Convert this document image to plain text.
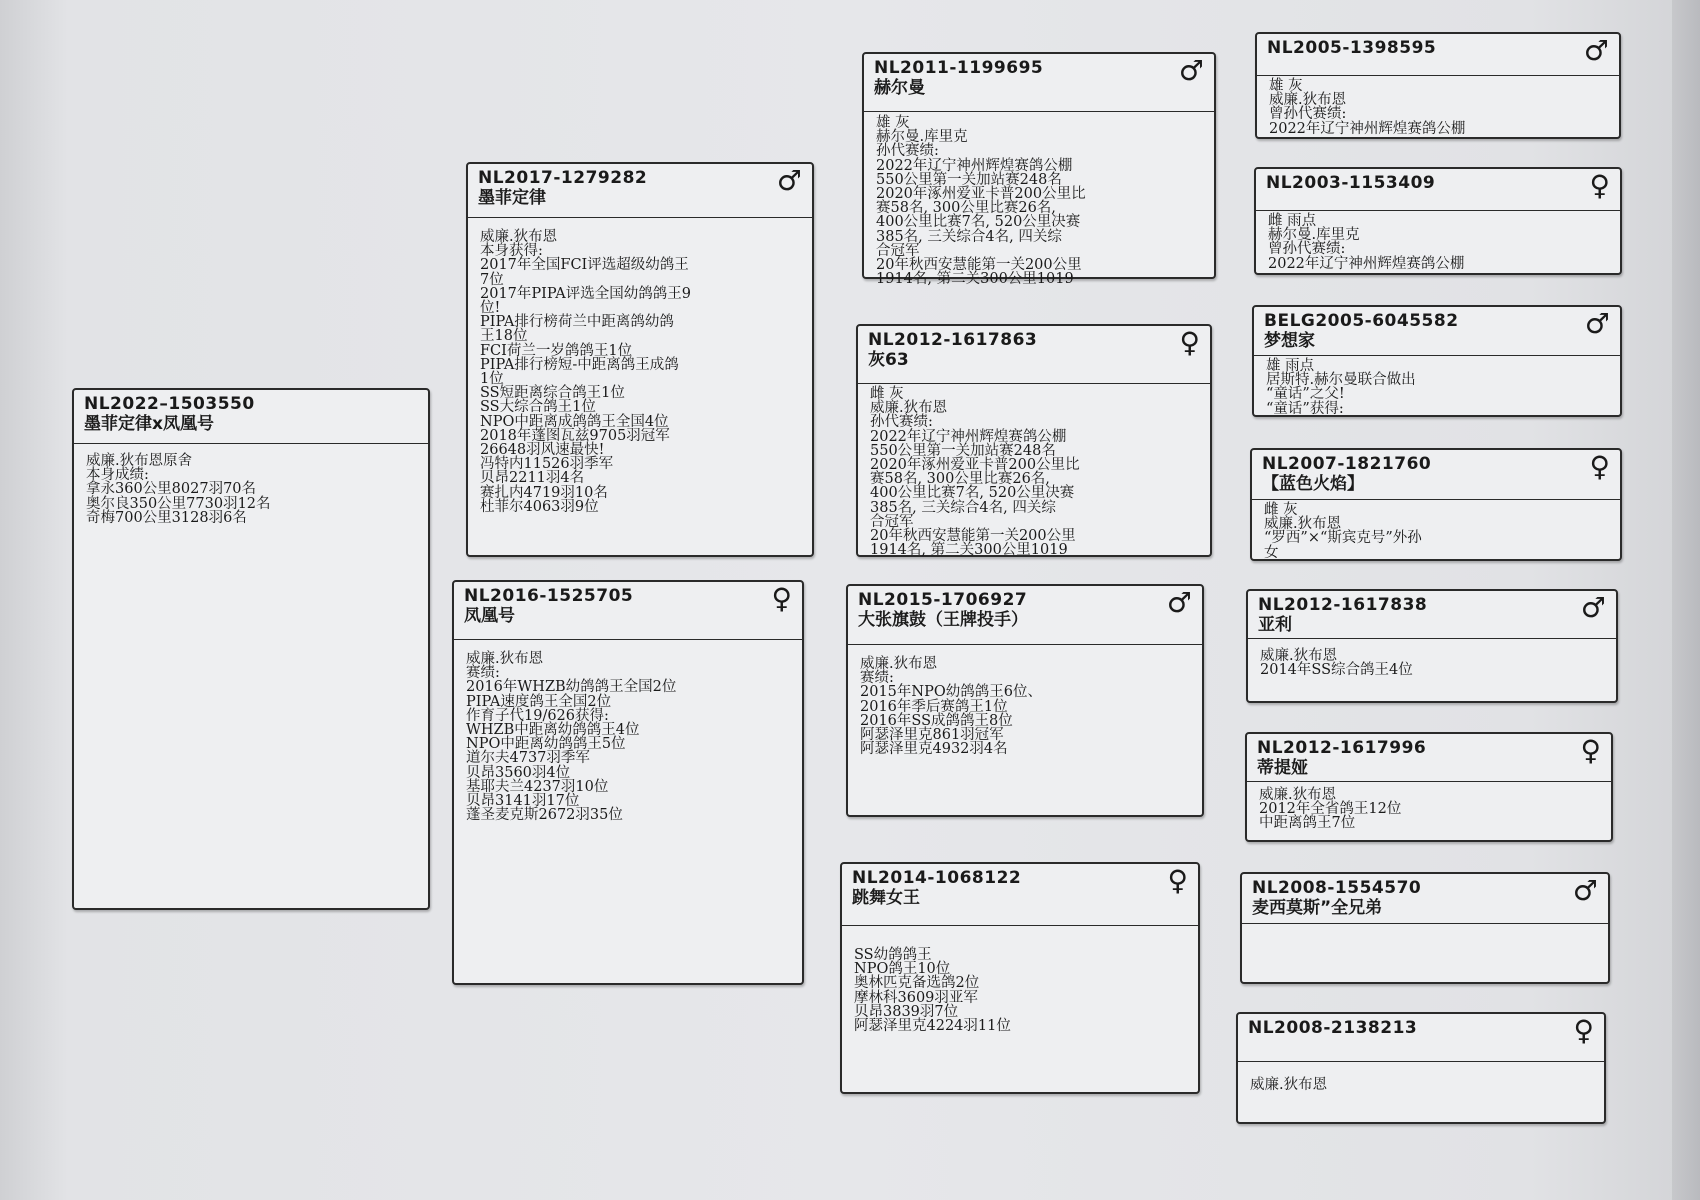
NL2022–1503550
墨菲定律x凤凰号
威廉.狄布恩原舍
本身成绩:
拿永360公里8027羽70名
奥尔良350公里7730羽12名
奇梅700公里3128羽6名
NL2017-1279282
墨菲定律
♂
威廉.狄布恩
本身获得:
2017年全国FCI评选超级幼鸽王
7位
2017年PIPA评选全国幼鸽鸽王9
位!
PIPA排行榜荷兰中距离鸽幼鸽
王18位
FCI荷兰一岁鸽鸽王1位
PIPA排行榜短-中距离鸽王成鸽
1位
SS短距离综合鸽王1位
SS大综合鸽王1位
NPO中距离成鸽鸽王全国4位
2018年蓬图瓦兹9705羽冠军
26648羽风速最快!
冯特内11526羽季军
贝昂2211羽4名
赛扎内4719羽10名
杜菲尔4063羽9位
NL2016-1525705
凤凰号
♀
威廉.狄布恩
赛绩:
2016年WHZB幼鸽鸽王全国2位
PIPA速度鸽王全国2位
作育子代19/626获得:
WHZB中距离幼鸽鸽王4位
NPO中距离幼鸽鸽王5位
道尔夫4737羽季军
贝昂3560羽4位
基耶夫兰4237羽10位
贝昂3141羽17位
蓬圣麦克斯2672羽35位
NL2011-1199695
赫尔曼
♂
雄 灰
赫尔曼.库里克
孙代赛绩:
2022年辽宁神州辉煌赛鸽公棚
550公里第一关加站赛248名
2020年涿州爱亚卡普200公里比
赛58名, 300公里比赛26名,
400公里比赛7名, 520公里决赛
385名, 三关综合4名, 四关综
合冠军
20年秋西安慧能第一关200公里
1914名, 第二关300公里1019
NL2012-1617863
灰63
♀
雌 灰
威廉.狄布恩
孙代赛绩:
2022年辽宁神州辉煌赛鸽公棚
550公里第一关加站赛248名
2020年涿州爱亚卡普200公里比
赛58名, 300公里比赛26名,
400公里比赛7名, 520公里决赛
385名, 三关综合4名, 四关综
合冠军
20年秋西安慧能第一关200公里
1914名, 第二关300公里1019
NL2015-1706927
大张旗鼓（王牌投手）
♂
威廉.狄布恩
赛绩:
2015年NPO幼鸽鸽王6位、
2016年季后赛鸽王1位
2016年SS成鸽鸽王8位
阿瑟泽里克861羽冠军
阿瑟泽里克4932羽4名
NL2014-1068122
跳舞女王
♀
SS幼鸽鸽王
NPO鸽王10位
奥林匹克备选鸽2位
摩林科3609羽亚军
贝昂3839羽7位
阿瑟泽里克4224羽11位
NL2005-1398595	♂
雄 灰
威廉.狄布恩
曾孙代赛绩:
2022年辽宁神州辉煌赛鸽公棚
NL2003-1153409	♀
雌 雨点
赫尔曼.库里克
曾孙代赛绩:
2022年辽宁神州辉煌赛鸽公棚
BELG2005-6045582
梦想家
♂
雄 雨点
居斯特.赫尔曼联合做出
“童话”之父!
“童话”获得:
NL2007-1821760
【蓝色火焰】
♀
雌 灰
威廉.狄布恩
“罗西”×“斯宾克号”外孙
女
NL2012-1617838
亚利
♂
威廉.狄布恩
2014年SS综合鸽王4位
NL2012-1617996
蒂提娅
♀
威廉.狄布恩
2012年全省鸽王12位
中距离鸽王7位
NL2008-1554570
麦西莫斯”全兄弟
♂
NL2008-2138213	♀
威廉.狄布恩
